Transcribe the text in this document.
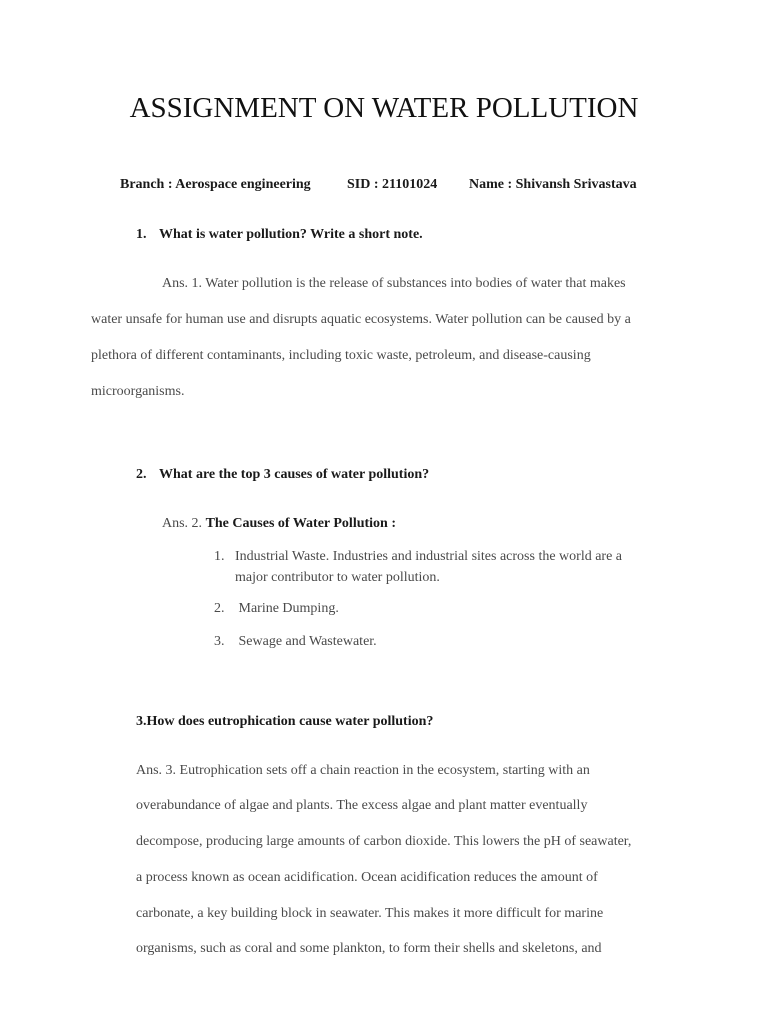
ASSIGNMENT ON WATER POLLUTION
Branch : Aerospace engineering	SID : 21101024 Name : Shivansh Srivastava
1. What is water pollution? Write a short note.
Ans. 1. Water pollution is the release of substances into bodies of water that makes
water unsafe for human use and disrupts aquatic ecosystems. Water pollution can be caused by a
plethora of different contaminants, including toxic waste, petroleum, and disease-causing
microorganisms.
2. What are the top 3 causes of water pollution?
Ans. 2. The Causes of Water Pollution :
1. Industrial Waste. Industries and industrial sites across the world are a
major contributor to water pollution.
2. Marine Dumping.
3. Sewage and Wastewater.
3.How does eutrophication cause water pollution?
Ans. 3. Eutrophication sets off a chain reaction in the ecosystem, starting with an
overabundance of algae and plants. The excess algae and plant matter eventually
decompose, producing large amounts of carbon dioxide. This lowers the pH of seawater,
a process known as ocean acidification. Ocean acidification reduces the amount of
carbonate, a key building block in seawater. This makes it more difficult for marine
organisms, such as coral and some plankton, to form their shells and skeletons, and
